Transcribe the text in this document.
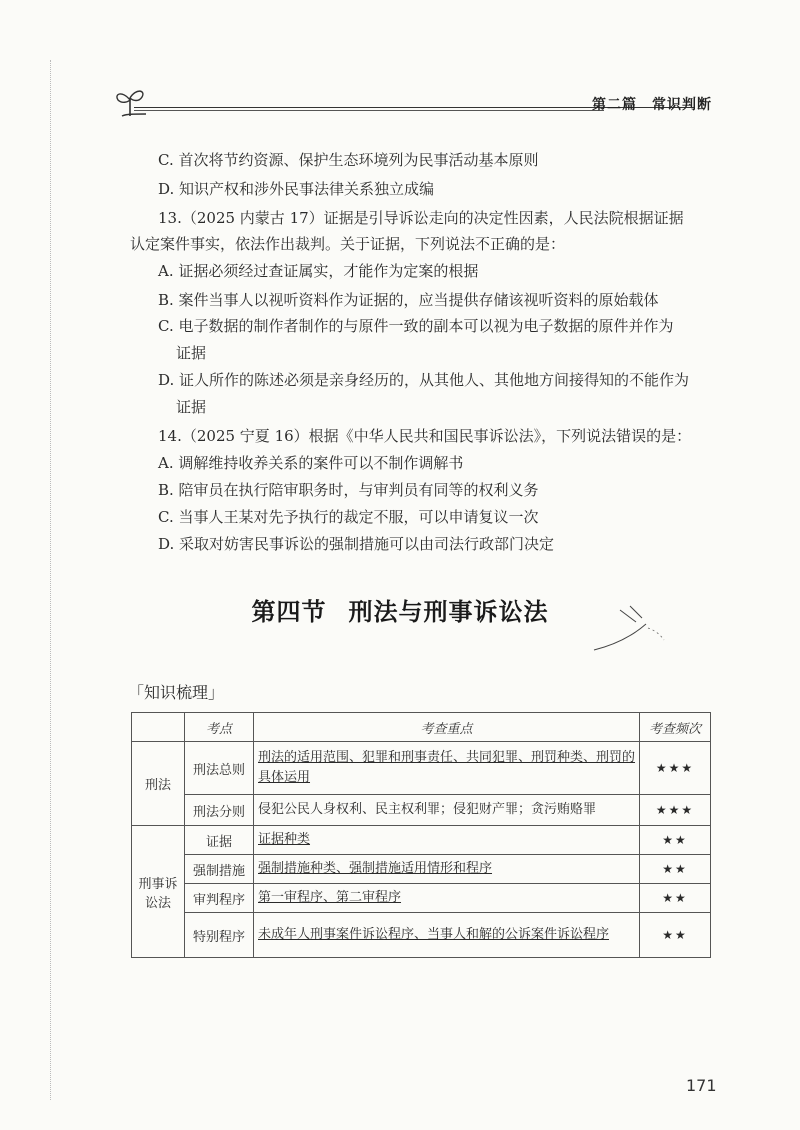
第二篇　常识判断
C. 首次将节约资源、保护生态环境列为民事活动基本原则
D. 知识产权和涉外民事法律关系独立成编
13.（2025 内蒙古 17）证据是引导诉讼走向的决定性因素，人民法院根据证据
认定案件事实，依法作出裁判。关于证据，下列说法不正确的是：
A. 证据必须经过查证属实，才能作为定案的根据
B. 案件当事人以视听资料作为证据的，应当提供存储该视听资料的原始载体
C. 电子数据的制作者制作的与原件一致的副本可以视为电子数据的原件并作为
证据
D. 证人所作的陈述必须是亲身经历的，从其他人、其他地方间接得知的不能作为
证据
14.（2025 宁夏 16）根据《中华人民共和国民事诉讼法》，下列说法错误的是：
A. 调解维持收养关系的案件可以不制作调解书
B. 陪审员在执行陪审职务时，与审判员有同等的权利义务
C. 当事人王某对先予执行的裁定不服，可以申请复议一次
D. 采取对妨害民事诉讼的强制措施可以由司法行政部门决定
第四节 刑法与刑事诉讼法
「知识梳理」
	考点	考查重点	考查频次
刑法	刑法总则	刑法的适用范围、犯罪和刑事责任、共同犯罪、刑罚种类、刑罚的具体运用	★★★
	刑法分则	侵犯公民人身权利、民主权利罪；侵犯财产罪；贪污贿赂罪	★★★
刑事诉讼法	证据	证据种类	★★
	强制措施	强制措施种类、强制措施适用情形和程序	★★
	审判程序	第一审程序、第二审程序	★★
	特别程序	未成年人刑事案件诉讼程序、当事人和解的公诉案件诉讼程序	★★
171
